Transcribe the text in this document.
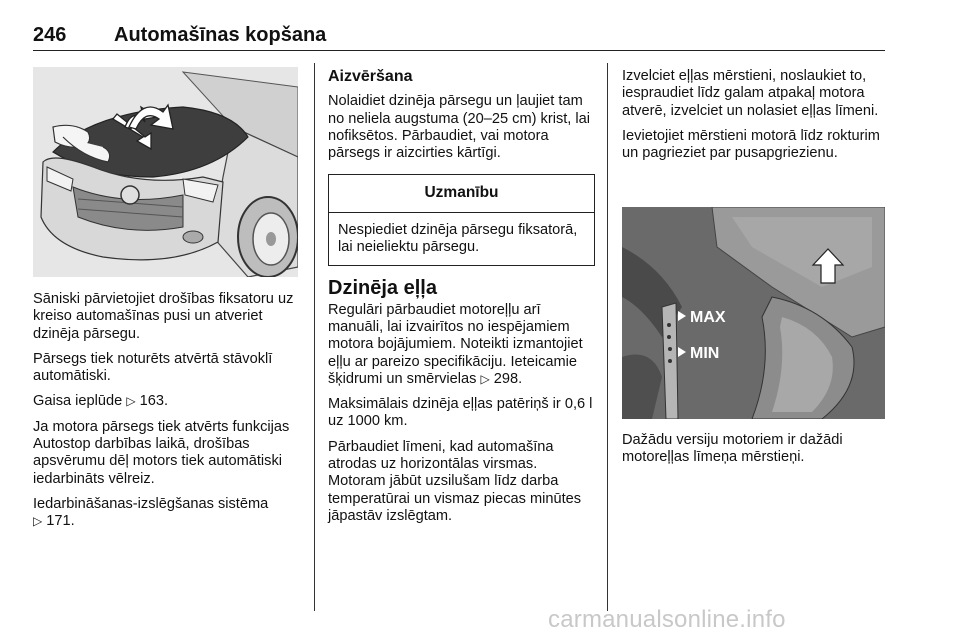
246 Automašīnas kopšana

Sāniski pārvietojiet drošības fiksatoru uz kreiso automašīnas pusi un atveriet dzinēja pārsegu.

Pārsegs tiek noturēts atvērtā stāvoklī automātiski.

Gaisa ieplūde ▷ 163.

Ja motora pārsegs tiek atvērts funkcijas Autostop darbības laikā, drošības apsvērumu dēļ motors tiek automātiski iedarbināts vēlreiz.

Iedarbināšanas-izslēgšanas sistēma
▷ 171.

Aizvēršana

Nolaidiet dzinēja pārsegu un ļaujiet tam no neliela augstuma (20–25 cm) krist, lai nofiksētos. Pārbaudiet, vai motora pārsegs ir aizcirties kārtīgi.

Uzmanību
Nespiediet dzinēja pārsegu fiksatorā, lai neieliektu pārsegu.
Dzinēja eļļa

Regulāri pārbaudiet motoreļļu arī manuāli, lai izvairītos no iespējamiem motora bojājumiem. Noteikti izmantojiet eļļu ar pareizo specifikāciju. Ieteicamie šķidrumi un smērvielas ▷ 298.

Maksimālais dzinēja eļļas patēriņš ir 0,6 l uz 1000 km.

Pārbaudiet līmeni, kad automašīna atrodas uz horizontālas virsmas. Motoram jābūt uzsilušam līdz darba temperatūrai un vismaz piecas minūtes jāpastāv izslēgtam.

Izvelciet eļļas mērstieni, noslaukiet to, iespraudiet līdz galam atpakaļ motora atverē, izvelciet un nolasiet eļļas līmeni.

Ievietojiet mērstieni motorā līdz rokturim un pagrieziet par pusapgriezienu.

MAX
MIN

Dažādu versiju motoriem ir dažādi motoreļļas līmeņa mērstieņi.

carmanualsonline.info
